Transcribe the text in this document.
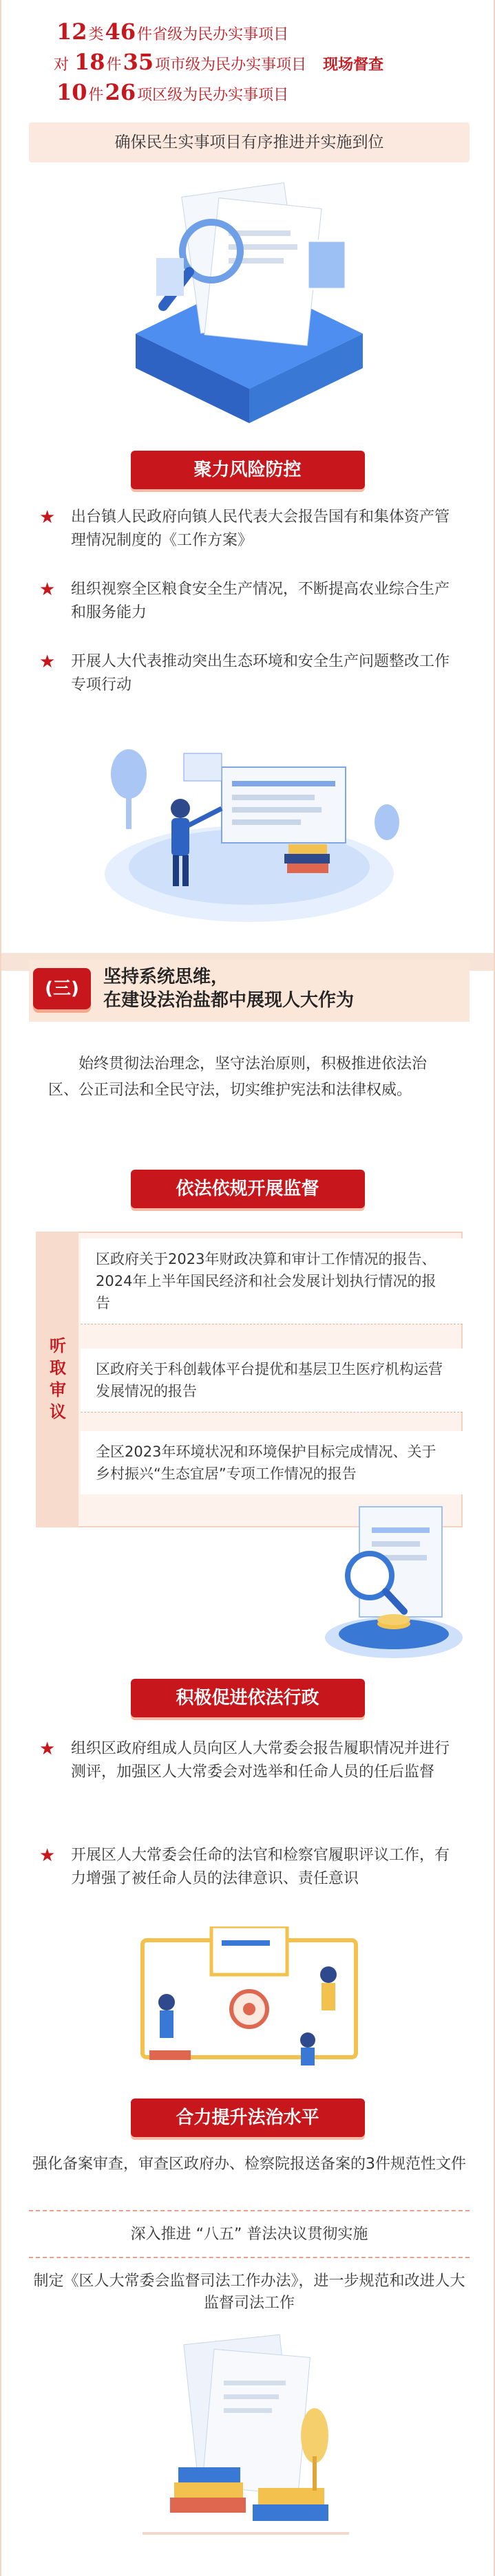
12 类 46 件省级为民办实事项目
对 18 件 35 项市级为民办实事项目 现场督查
10 件 26 项区级为民办实事项目
确保民生实事项目有序推进并实施到位
聚力风险防控
★ 出台镇人民政府向镇人民代表大会报告国有和集体资产管理情况制度的《工作方案》
★ 组织视察全区粮食安全生产情况，不断提高农业综合生产和服务能力
★ 开展人大代表推动突出生态环境和安全生产问题整改工作专项行动
(三)
坚持系统思维，
在建设法治盐都中展现人大作为
始终贯彻法治理念，坚守法治原则，积极推进依法治区、公正司法和全民守法，切实维护宪法和法律权威。
依法依规开展监督
听取审议
区政府关于2023年财政决算和审计工作情况的报告、2024年上半年国民经济和社会发展计划执行情况的报告
区政府关于科创载体平台提优和基层卫生医疗机构运营发展情况的报告
全区2023年环境状况和环境保护目标完成情况、关于乡村振兴“生态宜居”专项工作情况的报告
积极促进依法行政
★ 组织区政府组成人员向区人大常委会报告履职情况并进行测评，加强区人大常委会对选举和任命人员的任后监督
★ 开展区人大常委会任命的法官和检察官履职评议工作，有力增强了被任命人员的法律意识、责任意识
合力提升法治水平
强化备案审查，审查区政府办、检察院报送备案的3件规范性文件
深入推进 “八五” 普法决议贯彻实施
制定《区人大常委会监督司法工作办法》，进一步规范和改进人大监督司法工作
